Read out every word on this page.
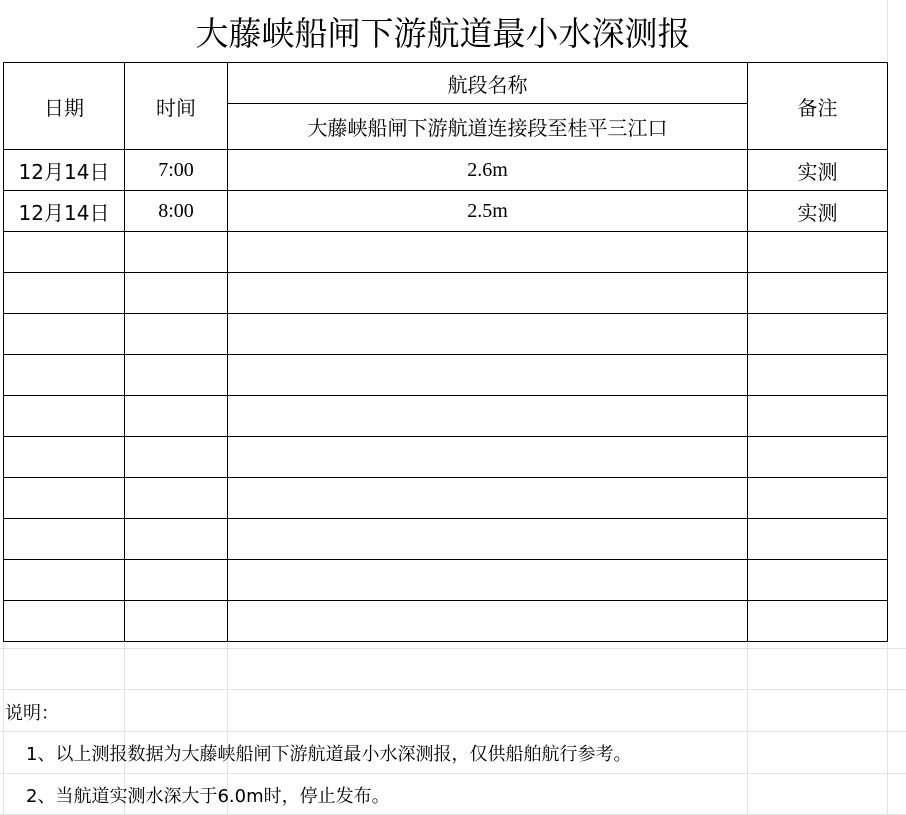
大藤峡船闸下游航道最小水深测报
日期	时间	航段名称	备注
		大藤峡船闸下游航道连接段至桂平三江口	
12月14日	7:00	2.6m	实测
12月14日	8:00	2.5m	实测

说明：
1、以上测报数据为大藤峡船闸下游航道最小水深测报，仅供船舶航行参考。
2、当航道实测水深大于6.0m时，停止发布。
